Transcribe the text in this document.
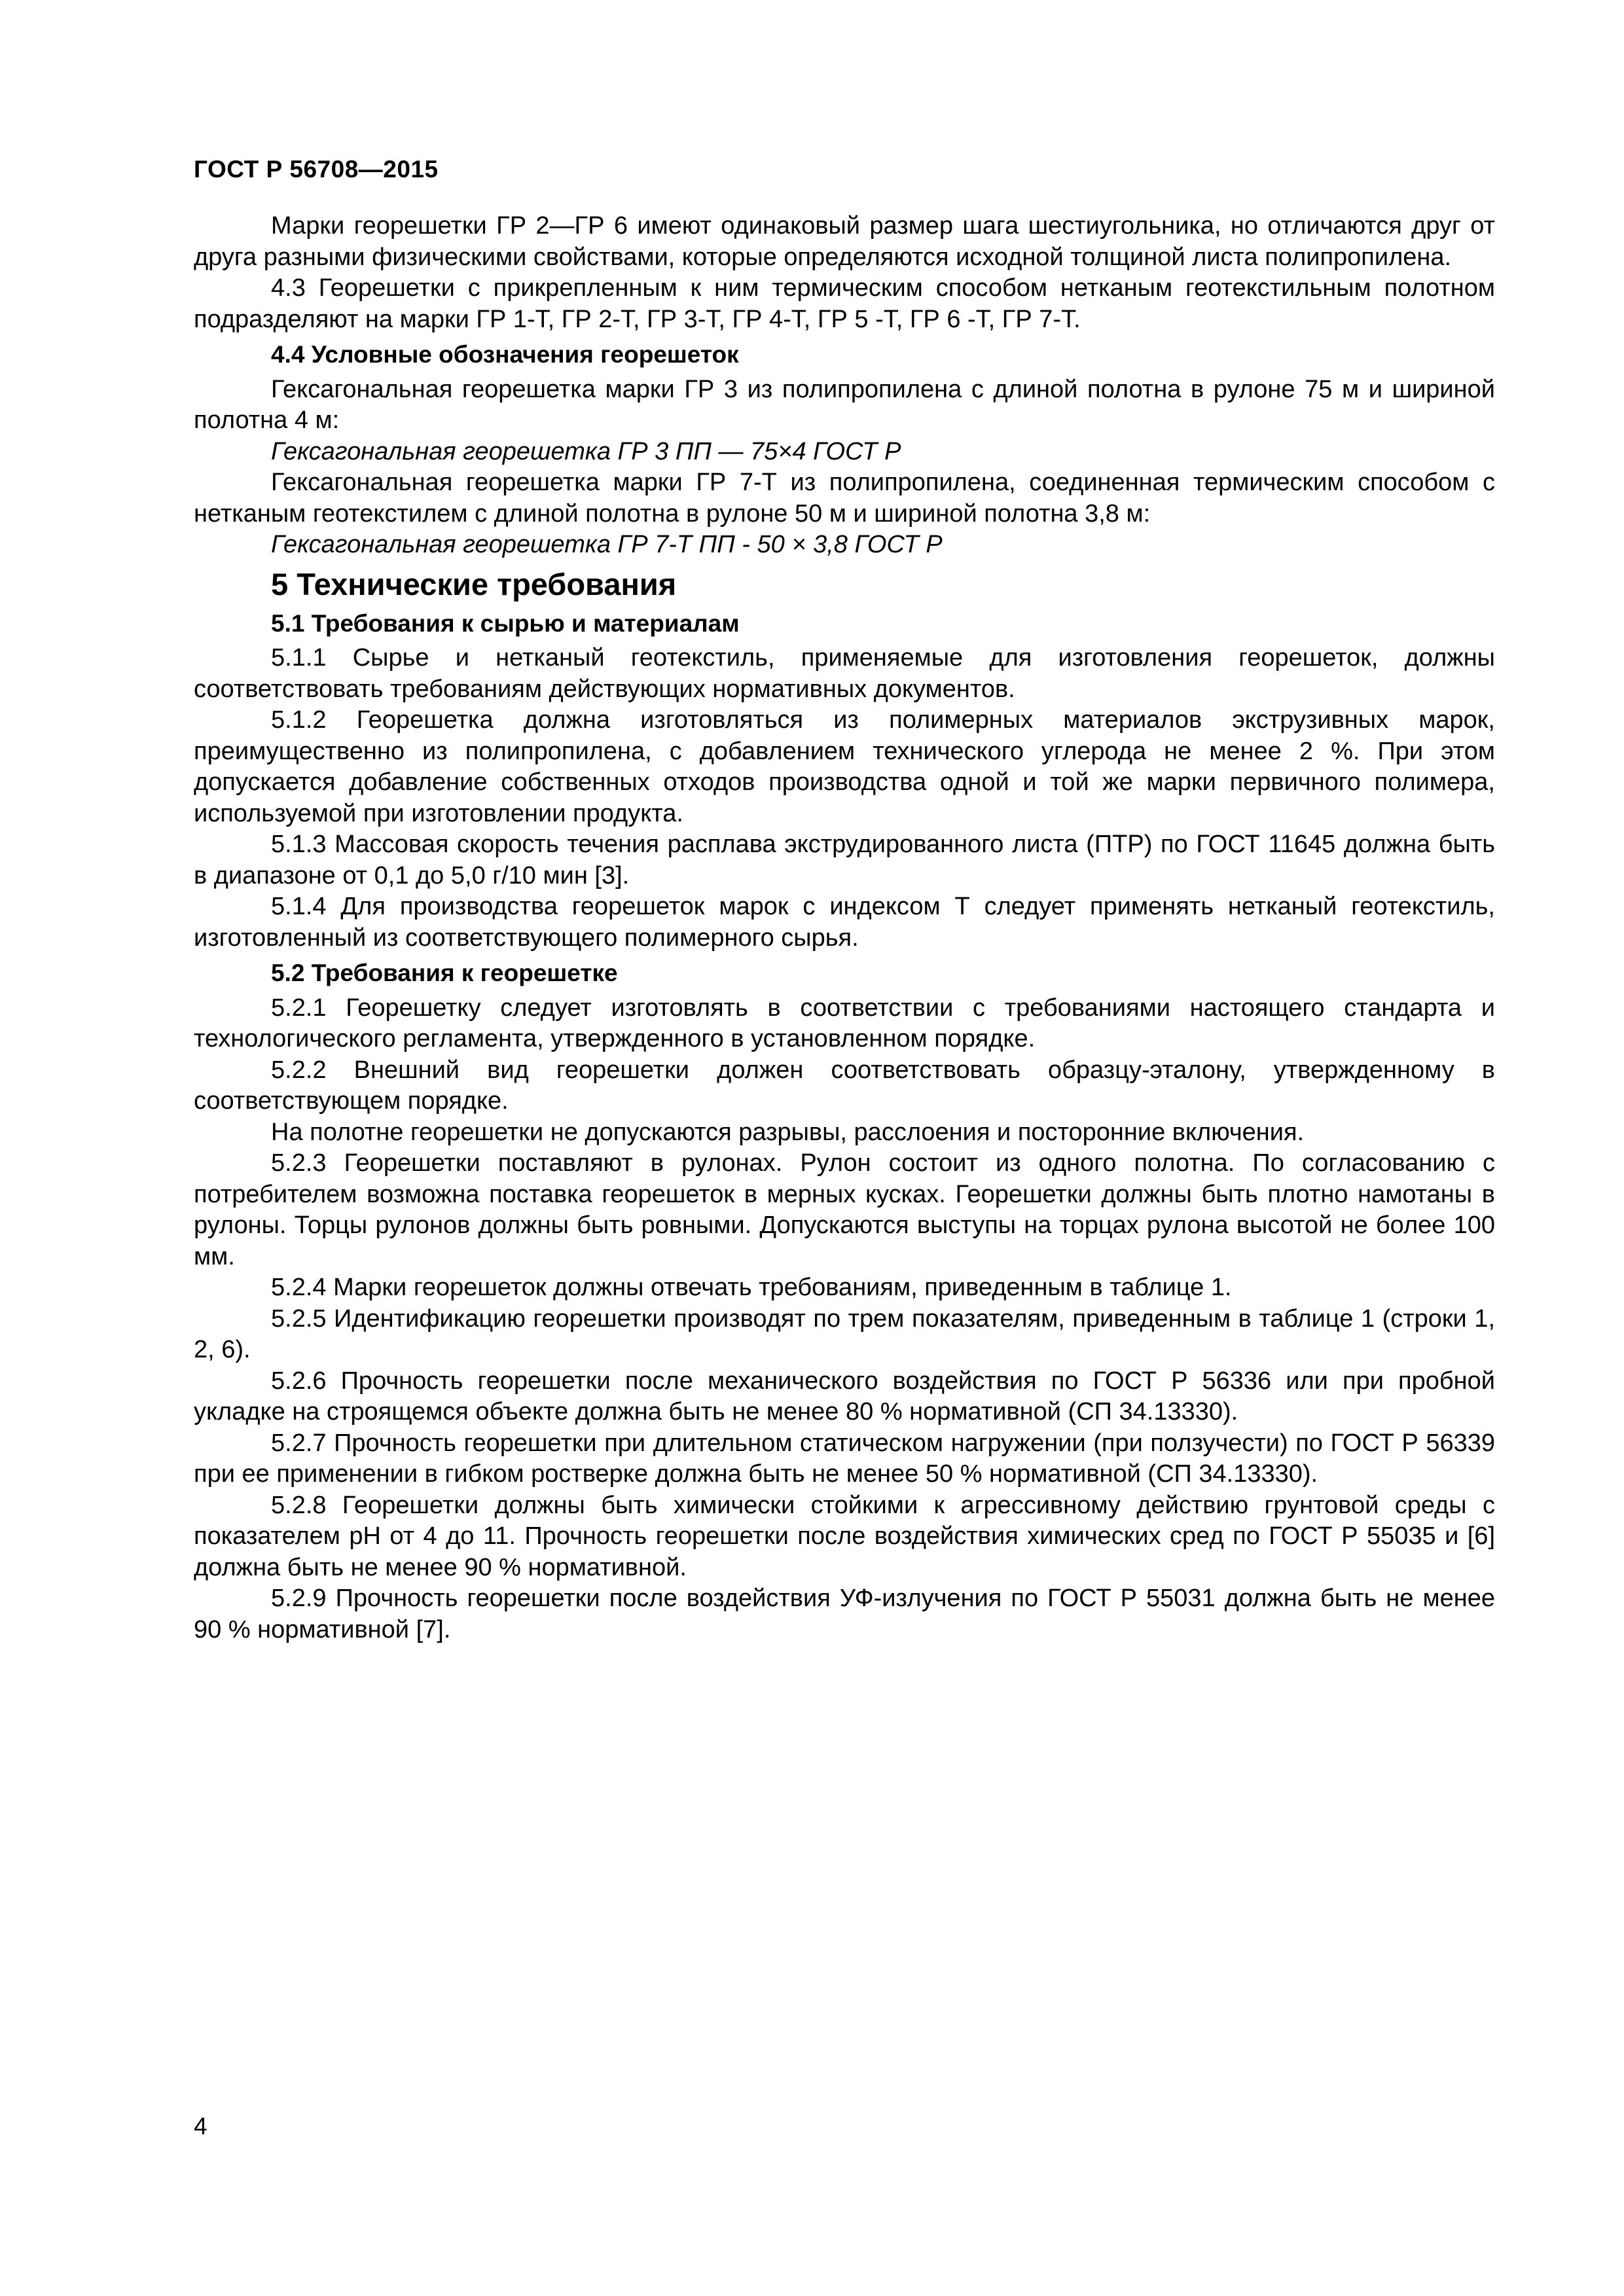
ГОСТ Р 56708—2015

Марки георешетки ГР 2—ГР 6 имеют одинаковый размер шага шестиугольника, но отличаются друг от друга разными физическими свойствами, которые определяются исходной толщиной листа полипропилена.

4.3 Георешетки с прикрепленным к ним термическим способом нетканым геотекстильным полотном подразделяют на марки ГР 1-Т, ГР 2-Т, ГР 3-Т, ГР 4-Т, ГР 5 -Т, ГР 6 -Т, ГР 7-Т.

4.4 Условные обозначения георешеток

Гексагональная георешетка марки ГР 3 из полипропилена с длиной полотна в рулоне 75 м и шириной полотна 4 м:

Гексагональная георешетка ГР 3 ПП — 75×4 ГОСТ Р

Гексагональная георешетка марки ГР 7-Т из полипропилена, соединенная термическим способом с нетканым геотекстилем с длиной полотна в рулоне 50 м и шириной полотна 3,8 м:

Гексагональная георешетка ГР 7-Т ПП - 50 × 3,8 ГОСТ Р

5 Технические требования

5.1 Требования к сырью и материалам

5.1.1 Сырье и нетканый геотекстиль, применяемые для изготовления георешеток, должны соответствовать требованиям действующих нормативных документов.

5.1.2 Георешетка должна изготовляться из полимерных материалов экструзивных марок, преимущественно из полипропилена, с добавлением технического углерода не менее 2 %. При этом допускается добавление собственных отходов производства одной и той же марки первичного полимера, используемой при изготовлении продукта.

5.1.3 Массовая скорость течения расплава экструдированного листа (ПТР) по ГОСТ 11645 должна быть в диапазоне от 0,1 до 5,0 г/10 мин [3].

5.1.4 Для производства георешеток марок с индексом Т следует применять нетканый геотекстиль, изготовленный из соответствующего полимерного сырья.

5.2 Требования к георешетке

5.2.1 Георешетку следует изготовлять в соответствии с требованиями настоящего стандарта и технологического регламента, утвержденного в установленном порядке.

5.2.2 Внешний вид георешетки должен соответствовать образцу-эталону, утвержденному в соответствующем порядке.

На полотне георешетки не допускаются разрывы, расслоения и посторонние включения.

5.2.3 Георешетки поставляют в рулонах. Рулон состоит из одного полотна. По согласованию с потребителем возможна поставка георешеток в мерных кусках. Георешетки должны быть плотно намотаны в рулоны. Торцы рулонов должны быть ровными. Допускаются выступы на торцах рулона высотой не более 100 мм.

5.2.4 Марки георешеток должны отвечать требованиям, приведенным в таблице 1.

5.2.5 Идентификацию георешетки производят по трем показателям, приведенным в таблице 1 (строки 1, 2, 6).

5.2.6 Прочность георешетки после механического воздействия по ГОСТ Р 56336 или при пробной укладке на строящемся объекте должна быть не менее 80 % нормативной (СП 34.13330).

5.2.7 Прочность георешетки при длительном статическом нагружении (при ползучести) по ГОСТ Р 56339 при ее применении в гибком ростверке должна быть не менее 50 % нормативной (СП 34.13330).

5.2.8 Георешетки должны быть химически стойкими к агрессивному действию грунтовой среды с показателем рН от 4 до 11. Прочность георешетки после воздействия химических сред по ГОСТ Р 55035 и [6] должна быть не менее 90 % нормативной.

5.2.9 Прочность георешетки после воздействия УФ-излучения по ГОСТ Р 55031 должна быть не менее 90 % нормативной [7].

4
